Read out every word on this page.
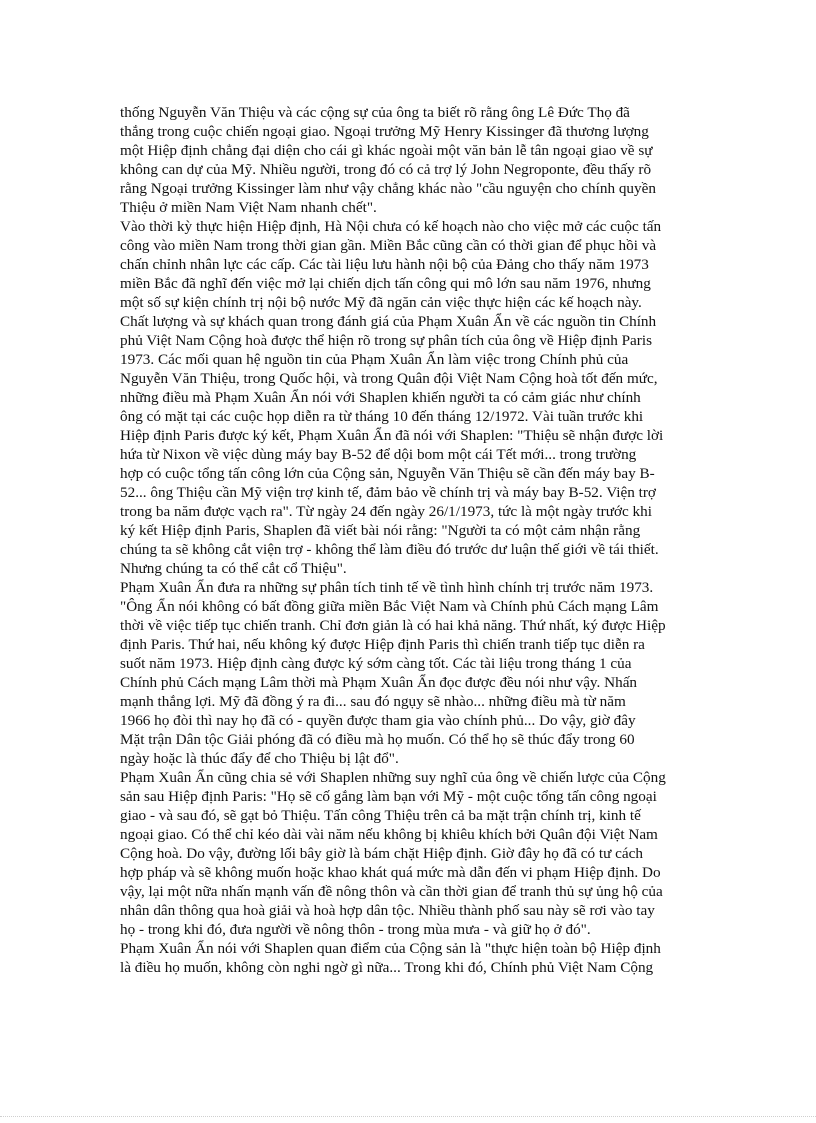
thống Nguyễn Văn Thiệu và các cộng sự của ông ta biết rõ rằng ông Lê Đức Thọ đã
thắng trong cuộc chiến ngoại giao. Ngoại trưởng Mỹ Henry Kissinger đã thương lượng
một Hiệp định chẳng đại diện cho cái gì khác ngoài một văn bản lễ tân ngoại giao về sự
không can dự của Mỹ. Nhiều người, trong đó có cả trợ lý John Negroponte, đều thấy rõ
rằng Ngoại trưởng Kissinger làm như vậy chẳng khác nào "cầu nguyện cho chính quyền
Thiệu ở miền Nam Việt Nam nhanh chết".

Vào thời kỳ thực hiện Hiệp định, Hà Nội chưa có kế hoạch nào cho việc mở các cuộc tấn
công vào miền Nam trong thời gian gần. Miền Bắc cũng cần có thời gian để phục hồi và
chấn chỉnh nhân lực các cấp. Các tài liệu lưu hành nội bộ của Đảng cho thấy năm 1973
miền Bắc đã nghĩ đến việc mở lại chiến dịch tấn công qui mô lớn sau năm 1976, nhưng
một số sự kiện chính trị nội bộ nước Mỹ đã ngăn cản việc thực hiện các kế hoạch này.

Chất lượng và sự khách quan trong đánh giá của Phạm Xuân Ẩn về các nguồn tin Chính
phủ Việt Nam Cộng hoà được thể hiện rõ trong sự phân tích của ông về Hiệp định Paris
1973. Các mối quan hệ nguồn tin của Phạm Xuân Ẩn làm việc trong Chính phủ của
Nguyễn Văn Thiệu, trong Quốc hội, và trong Quân đội Việt Nam Cộng hoà tốt đến mức,
những điều mà Phạm Xuân Ẩn nói với Shaplen khiến người ta có cảm giác như chính
ông có mặt tại các cuộc họp diễn ra từ tháng 10 đến tháng 12/1972. Vài tuần trước khi
Hiệp định Paris được ký kết, Phạm Xuân Ẩn đã nói với Shaplen: "Thiệu sẽ nhận được lời
hứa từ Nixon về việc dùng máy bay B-52 để dội bom một cái Tết mới... trong trường
hợp có cuộc tổng tấn công lớn của Cộng sản, Nguyễn Văn Thiệu sẽ cần đến máy bay B-
52... ông Thiệu cần Mỹ viện trợ kinh tế, đảm bảo về chính trị và máy bay B-52. Viện trợ
trong ba năm được vạch ra". Từ ngày 24 đến ngày 26/1/1973, tức là một ngày trước khi
ký kết Hiệp định Paris, Shaplen đã viết bài nói rằng: "Người ta có một cảm nhận rằng
chúng ta sẽ không cắt viện trợ - không thể làm điều đó trước dư luận thế giới về tái thiết.
Nhưng chúng ta có thể cắt cổ Thiệu".

Phạm Xuân Ẩn đưa ra những sự phân tích tinh tế về tình hình chính trị trước năm 1973.
"Ông Ẩn nói không có bất đồng giữa miền Bắc Việt Nam và Chính phủ Cách mạng Lâm
thời về việc tiếp tục chiến tranh. Chỉ đơn giản là có hai khả năng. Thứ nhất, ký được Hiệp
định Paris. Thứ hai, nếu không ký được Hiệp định Paris thì chiến tranh tiếp tục diễn ra
suốt năm 1973. Hiệp định càng được ký sớm càng tốt. Các tài liệu trong tháng 1 của
Chính phủ Cách mạng Lâm thời mà Phạm Xuân Ẩn đọc được đều nói như vậy. Nhấn
mạnh thắng lợi. Mỹ đã đồng ý ra đi... sau đó ngụy sẽ nhào... những điều mà từ năm
1966 họ đòi thì nay họ đã có - quyền được tham gia vào chính phủ... Do vậy, giờ đây
Mặt trận Dân tộc Giải phóng đã có điều mà họ muốn. Có thể họ sẽ thúc đẩy trong 60
ngày hoặc là thúc đẩy để cho Thiệu bị lật đổ".

Phạm Xuân Ẩn cũng chia sẻ với Shaplen những suy nghĩ của ông về chiến lược của Cộng
sản sau Hiệp định Paris: "Họ sẽ cố gắng làm bạn với Mỹ - một cuộc tổng tấn công ngoại
giao - và sau đó, sẽ gạt bỏ Thiệu. Tấn công Thiệu trên cả ba mặt trận chính trị, kinh tế
ngoại giao. Có thể chỉ kéo dài vài năm nếu không bị khiêu khích bởi Quân đội Việt Nam
Cộng hoà. Do vậy, đường lối bây giờ là bám chặt Hiệp định. Giờ đây họ đã có tư cách
hợp pháp và sẽ không muốn hoặc khao khát quá mức mà dẫn đến vi phạm Hiệp định. Do
vậy, lại một nữa nhấn mạnh vấn đề nông thôn và cần thời gian để tranh thủ sự ủng hộ của
nhân dân thông qua hoà giải và hoà hợp dân tộc. Nhiều thành phố sau này sẽ rơi vào tay
họ - trong khi đó, đưa người về nông thôn - trong mùa mưa - và giữ họ ở đó".

Phạm Xuân Ẩn nói với Shaplen quan điểm của Cộng sản là "thực hiện toàn bộ Hiệp định
là điều họ muốn, không còn nghi ngờ gì nữa... Trong khi đó, Chính phủ Việt Nam Cộng
